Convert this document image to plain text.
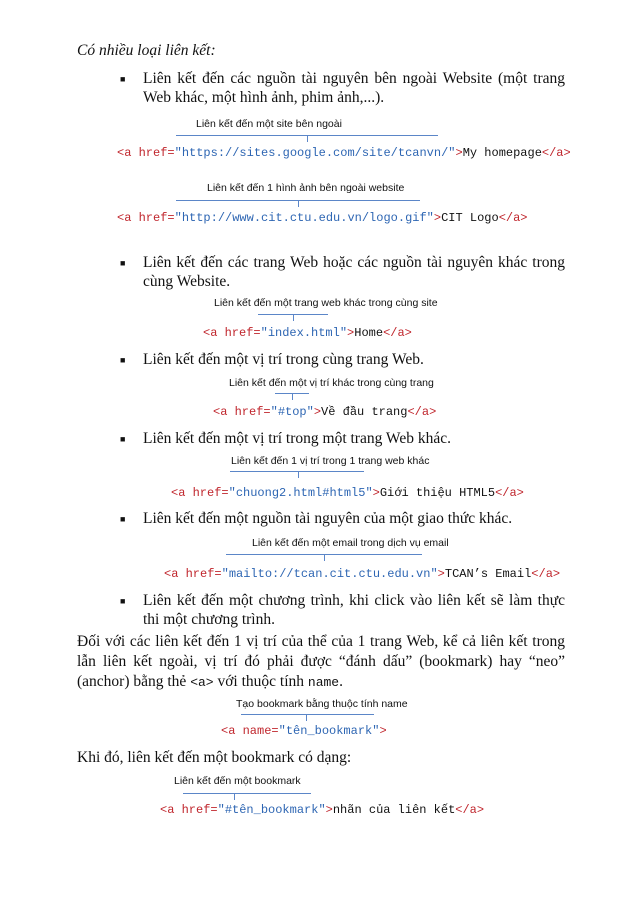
Có nhiều loại liên kết:
■ Liên kết đến các nguồn tài nguyên bên ngoài Website (một trang Web khác, một hình ảnh, phim ảnh,...).
Liên kết đến một site bên ngoài
<a href="https://sites.google.com/site/tcanvn/">My homepage</a>
Liên kết đến 1 hình ảnh bên ngoài website
<a href="http://www.cit.ctu.edu.vn/logo.gif">CIT Logo</a>
■ Liên kết đến các trang Web hoặc các nguồn tài nguyên khác trong cùng Website.
Liên kết đến một trang web khác trong cùng site
<a href="index.html">Home</a>
■ Liên kết đến một vị trí trong cùng trang Web.
Liên kết đến một vị trí khác trong cùng trang
<a href="#top">Về đầu trang</a>
■ Liên kết đến một vị trí trong một trang Web khác.
Liên kết đến 1 vị trí trong 1 trang web khác
<a href="chuong2.html#html5">Giới thiệu HTML5</a>
■ Liên kết đến một nguồn tài nguyên của một giao thức khác.
Liên kết đến một email trong dịch vụ email
<a href="mailto://tcan.cit.ctu.edu.vn">TCAN’s Email</a>
■ Liên kết đến một chương trình, khi click vào liên kết sẽ làm thực thi một chương trình.
Đối với các liên kết đến 1 vị trí của thể của 1 trang Web, kể cả liên kết trong lẫn liên kết ngoài, vị trí đó phải được “đánh dấu” (bookmark) hay “neo” (anchor) bằng thẻ <a> với thuộc tính name.
Tạo bookmark bằng thuộc tính name
<a name="tên_bookmark">
Khi đó, liên kết đến một bookmark có dạng:
Liên kết đến một bookmark
<a href="#tên_bookmark">nhãn của liên kết</a>
